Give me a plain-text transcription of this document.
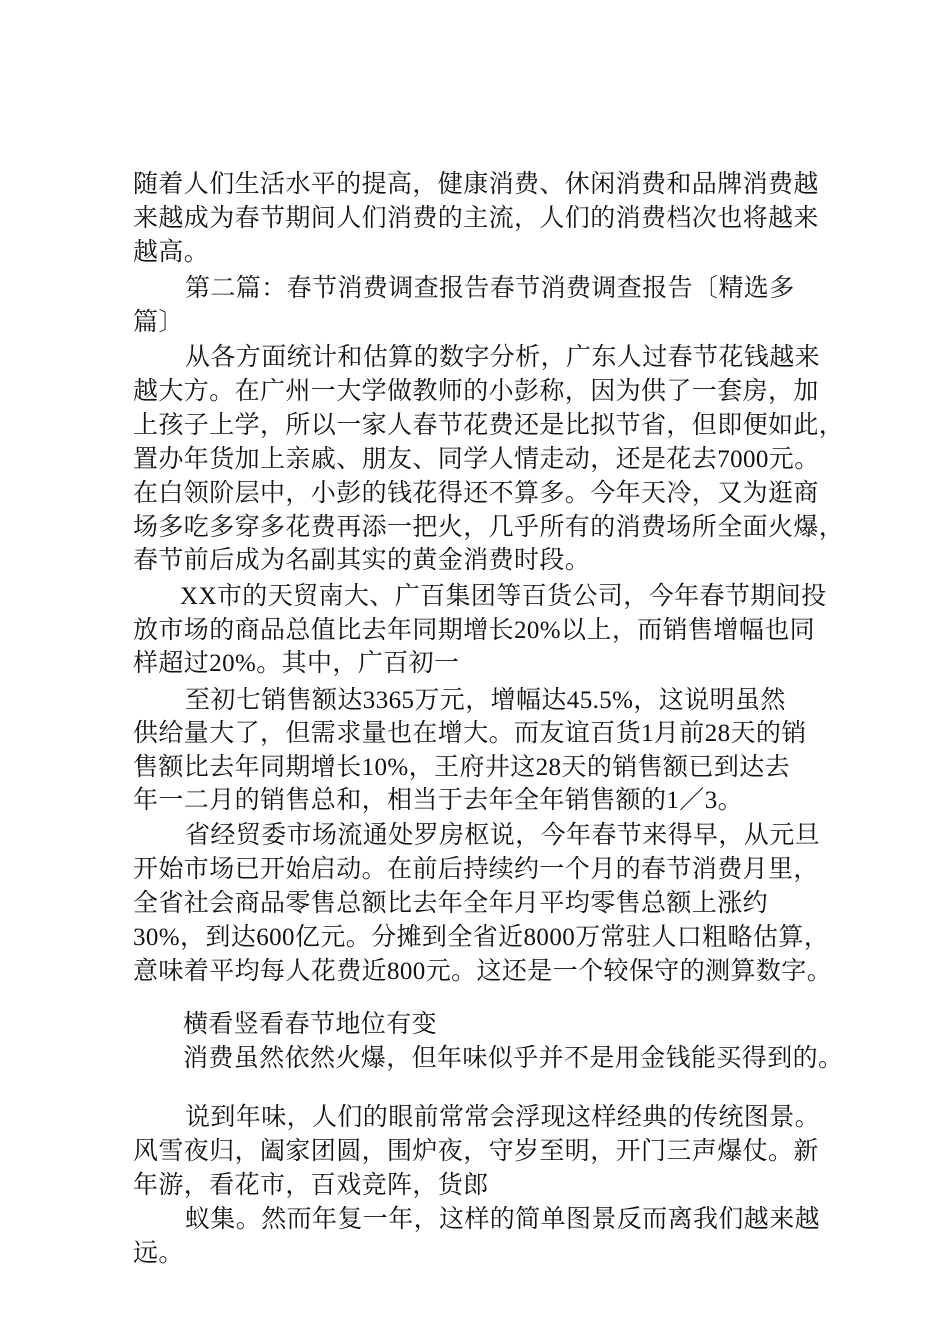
随着人们生活水平的提高，健康消费、休闲消费和品牌消费越
来越成为春节期间人们消费的主流，人们的消费档次也将越来
越高。
第二篇：春节消费调查报告春节消费调查报告〔精选多
篇〕
从各方面统计和估算的数字分析，广东人过春节花钱越来
越大方。在广州一大学做教师的小彭称，因为供了一套房，加
上孩子上学，所以一家人春节花费还是比拟节省，但即便如此，
置办年货加上亲戚、朋友、同学人情走动，还是花去7000元。
在白领阶层中，小彭的钱花得还不算多。今年天冷，又为逛商
场多吃多穿多花费再添一把火，几乎所有的消费场所全面火爆，
春节前后成为名副其实的黄金消费时段。
XX市的天贸南大、广百集团等百货公司，今年春节期间投
放市场的商品总值比去年同期增长20%以上，而销售增幅也同
样超过20%。其中，广百初一
至初七销售额达3365万元，增幅达45.5%，这说明虽然
供给量大了，但需求量也在增大。而友谊百货1月前28天的销
售额比去年同期增长10%，王府井这28天的销售额已到达去
年一二月的销售总和，相当于去年全年销售额的1／3。
省经贸委市场流通处罗房枢说，今年春节来得早，从元旦
开始市场已开始启动。在前后持续约一个月的春节消费月里，
全省社会商品零售总额比去年全年月平均零售总额上涨约
30%，到达600亿元。分摊到全省近8000万常驻人口粗略估算，
意味着平均每人花费近800元。这还是一个较保守的测算数字。
横看竖看春节地位有变
消费虽然依然火爆，但年味似乎并不是用金钱能买得到的。
说到年味，人们的眼前常常会浮现这样经典的传统图景。
风雪夜归，阖家团圆，围炉夜，守岁至明，开门三声爆仗。新
年游，看花市，百戏竞阵，货郎
蚁集。然而年复一年，这样的简单图景反而离我们越来越
远。
